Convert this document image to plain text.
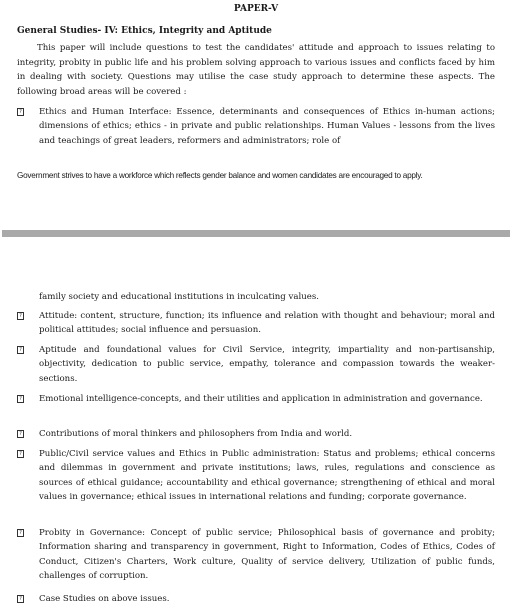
PAPER-V
General Studies- IV: Ethics, Integrity and Aptitude
This paper will include questions to test the candidates' attitude and approach to issues relating to integrity, probity in public life and his problem solving approach to various issues and conflicts faced by him in dealing with society. Questions may utilise the case study approach to determine these aspects. The following broad areas will be covered :
? Ethics and Human Interface: Essence, determinants and consequences of Ethics in-human actions; dimensions of ethics; ethics - in private and public relationships. Human Values - lessons from the lives and teachings of great leaders, reformers and administrators; role of
Government strives to have a workforce which reflects gender balance and women candidates are encouraged to apply.
family society and educational institutions in inculcating values.
? Attitude: content, structure, function; its influence and relation with thought and behaviour; moral and political attitudes; social influence and persuasion.
? Aptitude and foundational values for Civil Service, integrity, impartiality and non-partisanship, objectivity, dedication to public service, empathy, tolerance and compassion towards the weaker-sections.
? Emotional intelligence-concepts, and their utilities and application in administration and governance.
? Contributions of moral thinkers and philosophers from India and world.
? Public/Civil service values and Ethics in Public administration: Status and problems; ethical concerns and dilemmas in government and private institutions; laws, rules, regulations and conscience as sources of ethical guidance; accountability and ethical governance; strengthening of ethical and moral values in governance; ethical issues in international relations and funding; corporate governance.
? Probity in Governance: Concept of public service; Philosophical basis of governance and probity; Information sharing and transparency in government, Right to Information, Codes of Ethics, Codes of Conduct, Citizen's Charters, Work culture, Quality of service delivery, Utilization of public funds, challenges of corruption.
? Case Studies on above issues.
